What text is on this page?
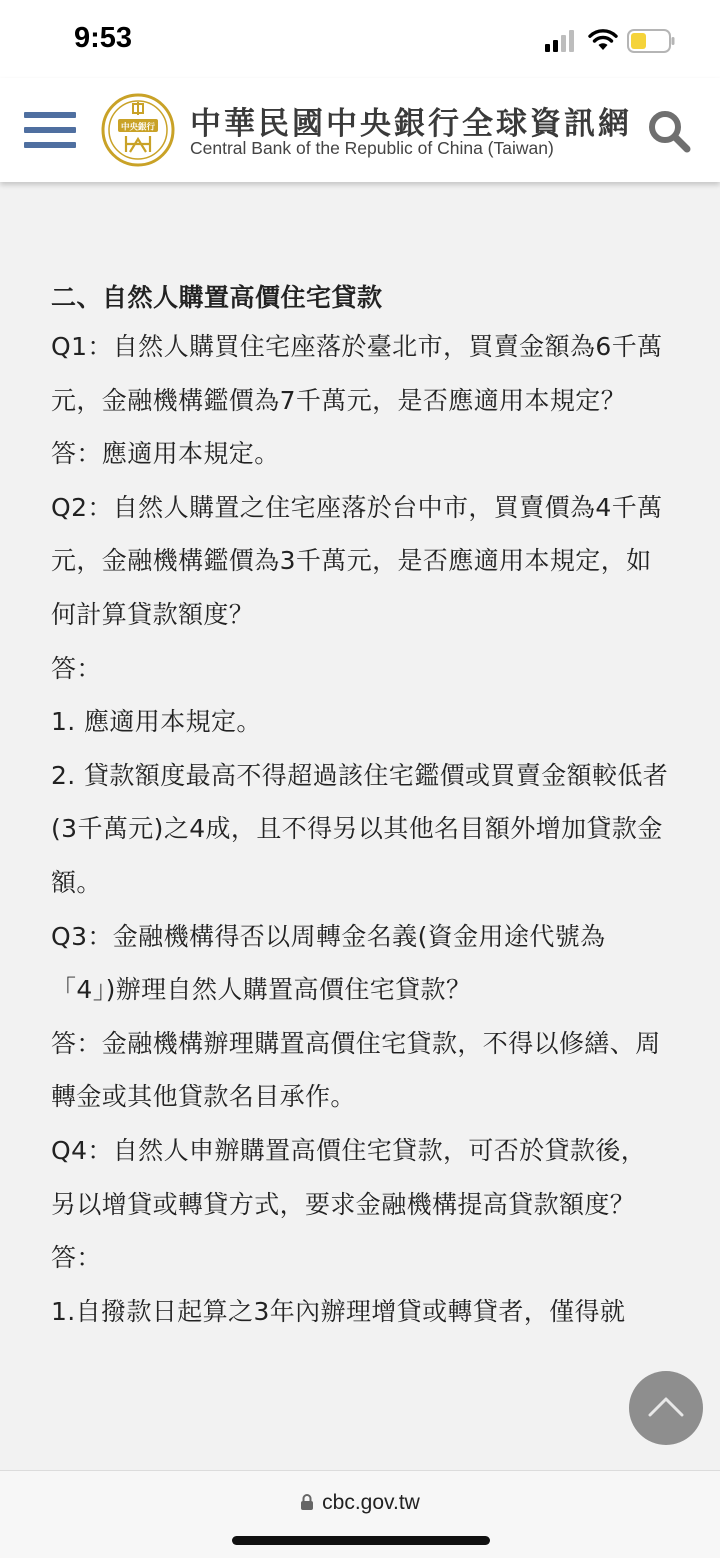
9:53
中央銀行 中華民國中央銀行全球資訊網
Central Bank of the Republic of China (Taiwan)
二、自然人購置高價住宅貸款

Q1：自然人購買住宅座落於臺北市，買賣金額為6千萬元，金融機構鑑價為7千萬元，是否應適用本規定？

答：應適用本規定。

Q2：自然人購置之住宅座落於台中市，買賣價為4千萬元，金融機構鑑價為3千萬元，是否應適用本規定，如何計算貸款額度？

答：

1. 應適用本規定。

2. 貸款額度最高不得超過該住宅鑑價或買賣金額較低者(3千萬元)之4成，且不得另以其他名目額外增加貸款金額。

Q3：金融機構得否以周轉金名義(資金用途代號為「4」)辦理自然人購置高價住宅貸款？

答：金融機構辦理購置高價住宅貸款，不得以修繕、周轉金或其他貸款名目承作。

Q4：自然人申辦購置高價住宅貸款，可否於貸款後，另以增貸或轉貸方式，要求金融機構提高貸款額度？

答：

1.自撥款日起算之3年內辦理增貸或轉貸者，僅得就

cbc.gov.tw
